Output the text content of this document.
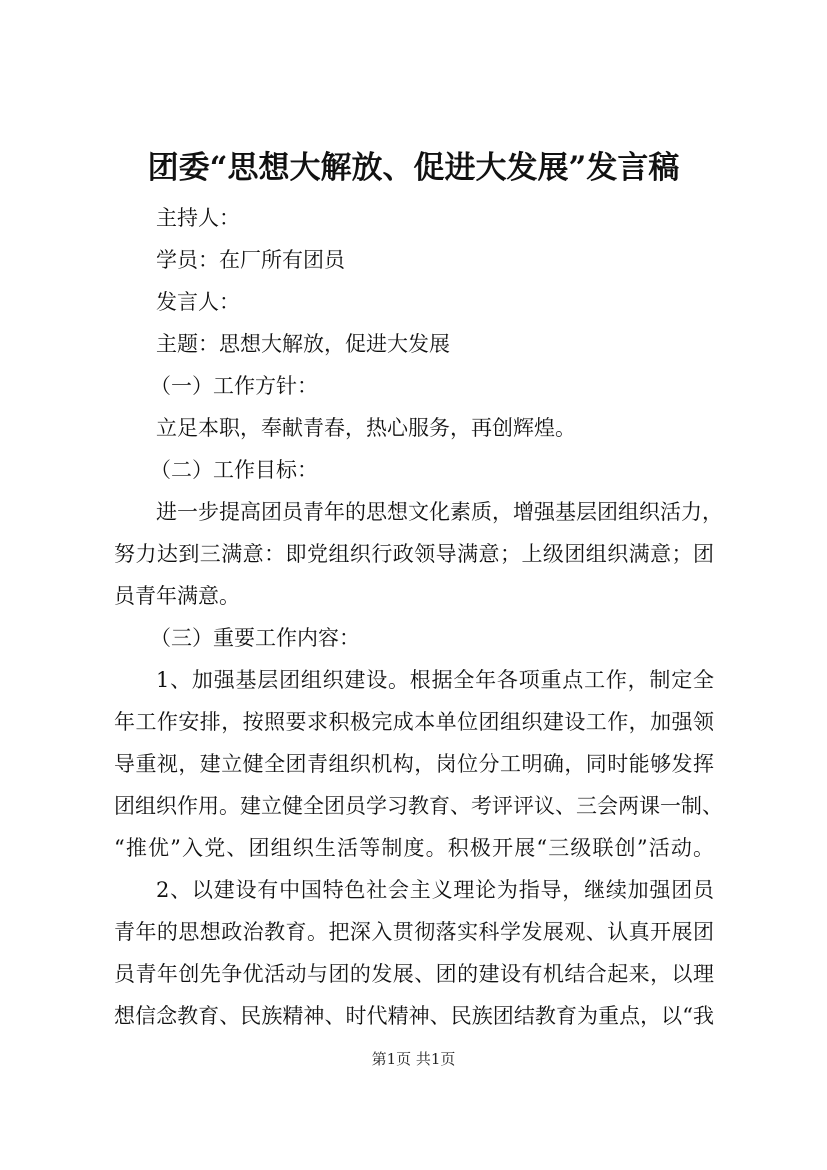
团委“思想大解放、促进大发展”发言稿
主持人：
学员：在厂所有团员
发言人：
主题：思想大解放，促进大发展
（一）工作方针：
立足本职，奉献青春，热心服务，再创辉煌。
（二）工作目标：
进一步提高团员青年的思想文化素质，增强基层团组织活力，
努力达到三满意：即党组织行政领导满意；上级团组织满意；团
员青年满意。
（三）重要工作内容：
1、加强基层团组织建设。根据全年各项重点工作，制定全
年工作安排，按照要求积极完成本单位团组织建设工作，加强领
导重视，建立健全团青组织机构，岗位分工明确，同时能够发挥
团组织作用。建立健全团员学习教育、考评评议、三会两课一制、
“推优”入党、团组织生活等制度。积极开展“三级联创”活动。
2、以建设有中国特色社会主义理论为指导，继续加强团员
青年的思想政治教育。把深入贯彻落实科学发展观、认真开展团
员青年创先争优活动与团的发展、团的建设有机结合起来，以理
想信念教育、民族精神、时代精神、民族团结教育为重点，以“我
第1页 共1页
